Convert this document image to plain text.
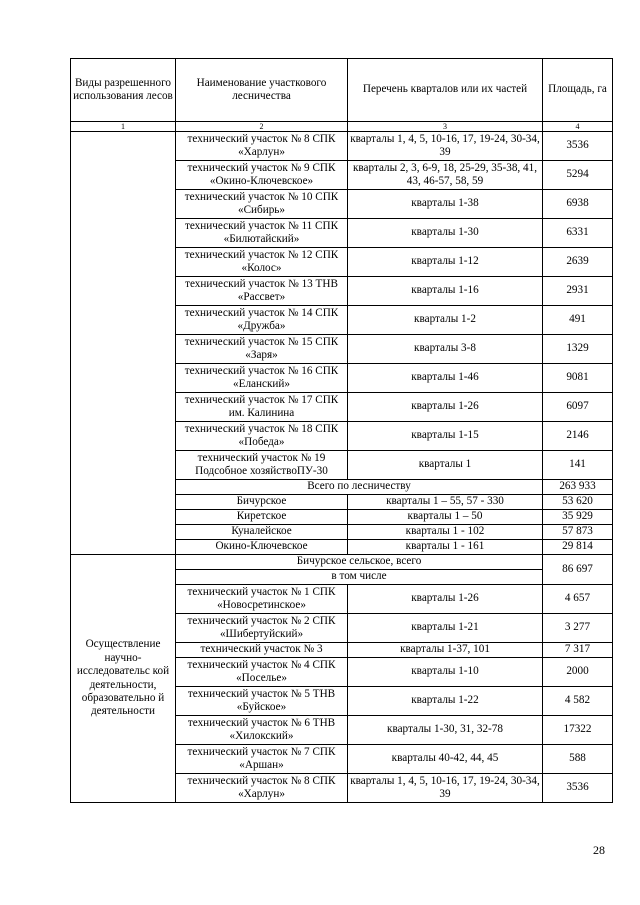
Виды разрешенного использования лесов	Наименование участкового лесничества	Перечень кварталов или их частей	Площадь, га
1	2	3	4
	технический участок № 8 СПК «Харлун»	кварталы 1, 4, 5, 10-16, 17, 19-24, 30-34, 39	3536
	технический участок № 9 СПК «Окино-Ключевское»	кварталы 2, 3, 6-9, 18, 25-29, 35-38, 41, 43, 46-57, 58, 59	5294
	технический участок № 10 СПК «Сибирь»	кварталы 1-38	6938
	технический участок № 11 СПК «Билютайский»	кварталы 1-30	6331
	технический участок № 12 СПК «Колос»	кварталы 1-12	2639
	технический участок № 13 ТНВ «Рассвет»	кварталы 1-16	2931
	технический участок № 14 СПК «Дружба»	кварталы 1-2	491
	технический участок № 15 СПК «Заря»	кварталы 3-8	1329
	технический участок № 16 СПК «Еланский»	кварталы 1-46	9081
	технический участок № 17 СПК им. Калинина	кварталы 1-26	6097
	технический участок № 18 СПК «Победа»	кварталы 1-15	2146
	технический участок № 19 Подсобное хозяйствоПУ-30	кварталы 1	141
	Всего по лесничеству		263 933
	Бичурское	кварталы 1 – 55, 57 - 330	53 620
	Киретское	кварталы 1 – 50	35 929
	Куналейское	кварталы 1 - 102	57 873
	Окино-Ключевское	кварталы 1 - 161	29 814
Осуществление научно-исследовательс кой деятельности, образовательно й деятельности	Бичурское сельское, всего		86 697
	в том числе		
	технический участок № 1 СПК «Новосретинское»	кварталы 1-26	4 657
	технический участок № 2 СПК «Шибертуйский»	кварталы 1-21	3 277
	технический участок № 3	кварталы 1-37, 101	7 317
	технический участок № 4 СПК «Поселье»	кварталы 1-10	2000
	технический участок № 5 ТНВ «Буйское»	кварталы 1-22	4 582
	технический участок № 6 ТНВ «Хилокский»	кварталы 1-30, 31, 32-78	17322
	технический участок № 7 СПК «Аршан»	кварталы 40-42, 44, 45	588
	технический участок № 8 СПК «Харлун»	кварталы 1, 4, 5, 10-16, 17, 19-24, 30-34, 39	3536
28
